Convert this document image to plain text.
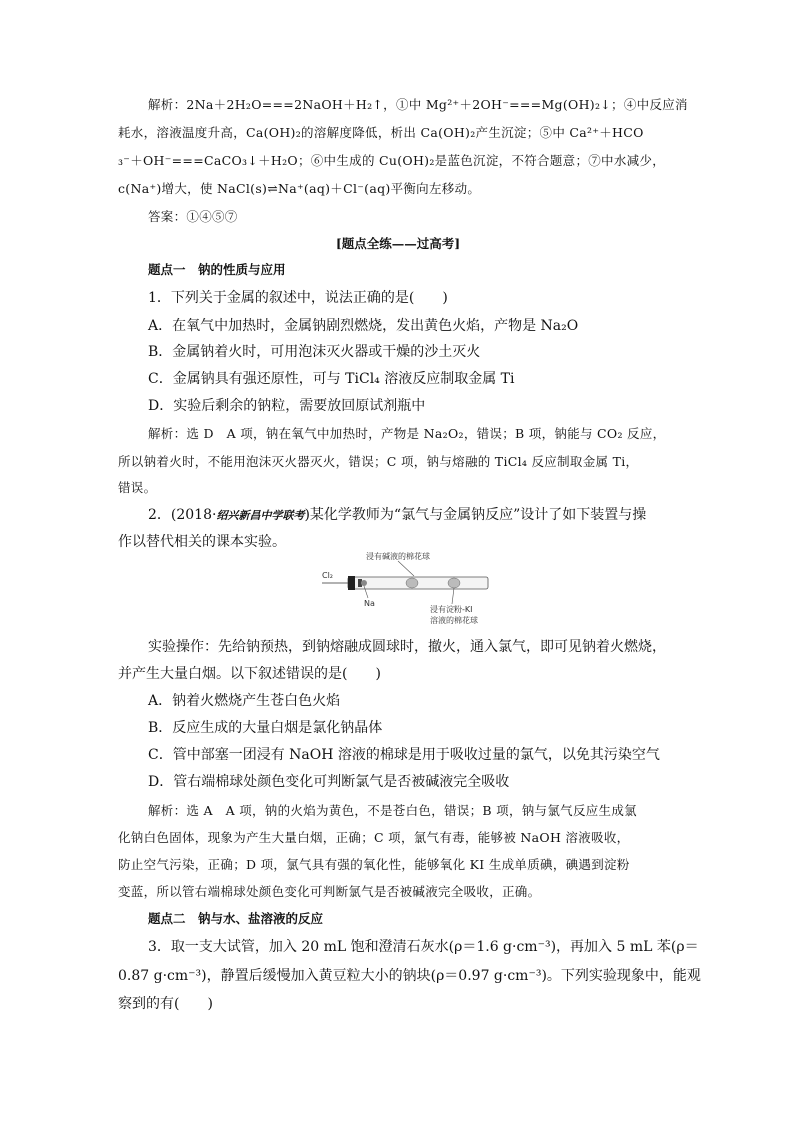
解析：2Na＋2H₂O===2NaOH＋H₂↑，①中 Mg²⁺＋2OH⁻===Mg(OH)₂↓；④中反应消
耗水，溶液温度升高，Ca(OH)₂的溶解度降低，析出 Ca(OH)₂产生沉淀；⑤中 Ca²⁺＋HCO
₃⁻＋OH⁻===CaCO₃↓＋H₂O；⑥中生成的 Cu(OH)₂是蓝色沉淀，不符合题意；⑦中水减少，
c(Na⁺)增大，使 NaCl(s)⇌Na⁺(aq)＋Cl⁻(aq)平衡向左移动。
答案：①④⑤⑦
[题点全练——过高考]
题点一　钠的性质与应用
1．下列关于金属的叙述中，说法正确的是(　　)
A．在氧气中加热时，金属钠剧烈燃烧，发出黄色火焰，产物是 Na₂O
B．金属钠着火时，可用泡沫灭火器或干燥的沙土灭火
C．金属钠具有强还原性，可与 TiCl₄ 溶液反应制取金属 Ti
D．实验后剩余的钠粒，需要放回原试剂瓶中
解析：选 D　A 项，钠在氧气中加热时，产物是 Na₂O₂，错误；B 项，钠能与 CO₂ 反应，
所以钠着火时，不能用泡沫灭火器灭火，错误；C 项，钠与熔融的 TiCl₄ 反应制取金属 Ti，
错误。
2．(2018·绍兴新昌中学联考)某化学教师为“氯气与金属钠反应”设计了如下装置与操
作以替代相关的课本实验。
浸有碱液的棉花球
Cl₂
Na
浸有淀粉-KI
溶液的棉花球
实验操作：先给钠预热，到钠熔融成圆球时，撤火，通入氯气，即可见钠着火燃烧，
并产生大量白烟。以下叙述错误的是(　　)
A．钠着火燃烧产生苍白色火焰
B．反应生成的大量白烟是氯化钠晶体
C．管中部塞一团浸有 NaOH 溶液的棉球是用于吸收过量的氯气，以免其污染空气
D．管右端棉球处颜色变化可判断氯气是否被碱液完全吸收
解析：选 A　A 项，钠的火焰为黄色，不是苍白色，错误；B 项，钠与氯气反应生成氯
化钠白色固体，现象为产生大量白烟，正确；C 项，氯气有毒，能够被 NaOH 溶液吸收，
防止空气污染，正确；D 项，氯气具有强的氧化性，能够氧化 KI 生成单质碘，碘遇到淀粉
变蓝，所以管右端棉球处颜色变化可判断氯气是否被碱液完全吸收，正确。
题点二　钠与水、盐溶液的反应
3．取一支大试管，加入 20 mL 饱和澄清石灰水(ρ＝1.6 g·cm⁻³)，再加入 5 mL 苯(ρ＝
0.87 g·cm⁻³)，静置后缓慢加入黄豆粒大小的钠块(ρ＝0.97 g·cm⁻³)。下列实验现象中，能观
察到的有(　　)
